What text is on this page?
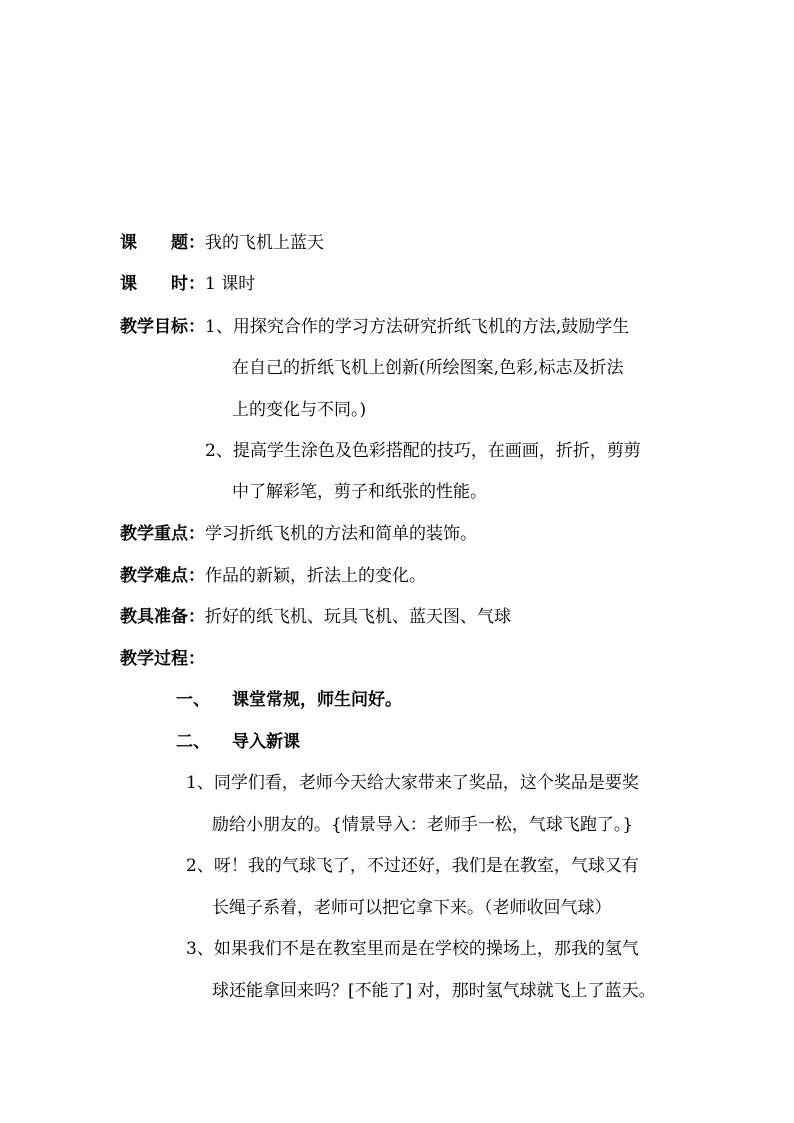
课　　题：我的飞机上蓝天
课　　时：1 课时
教学目标：1、用探究合作的学习方法研究折纸飞机的方法,鼓励学生
在自己的折纸飞机上创新(所绘图案,色彩,标志及折法
上的变化与不同。)
2、提高学生涂色及色彩搭配的技巧，在画画，折折，剪剪
中了解彩笔，剪子和纸张的性能。
教学重点：学习折纸飞机的方法和简单的装饰。
教学难点：作品的新颖，折法上的变化。
教具准备：折好的纸飞机、玩具飞机、蓝天图、气球
教学过程：
一、 课堂常规，师生问好。
二、 导入新课
1、同学们看，老师今天给大家带来了奖品，这个奖品是要奖
励给小朋友的。{情景导入：老师手一松，气球飞跑了。}
2、呀！我的气球飞了，不过还好，我们是在教室，气球又有
长绳子系着，老师可以把它拿下来。（老师收回气球）
3、如果我们不是在教室里而是在学校的操场上，那我的氢气
球还能拿回来吗？[不能了] 对，那时氢气球就飞上了蓝天。
